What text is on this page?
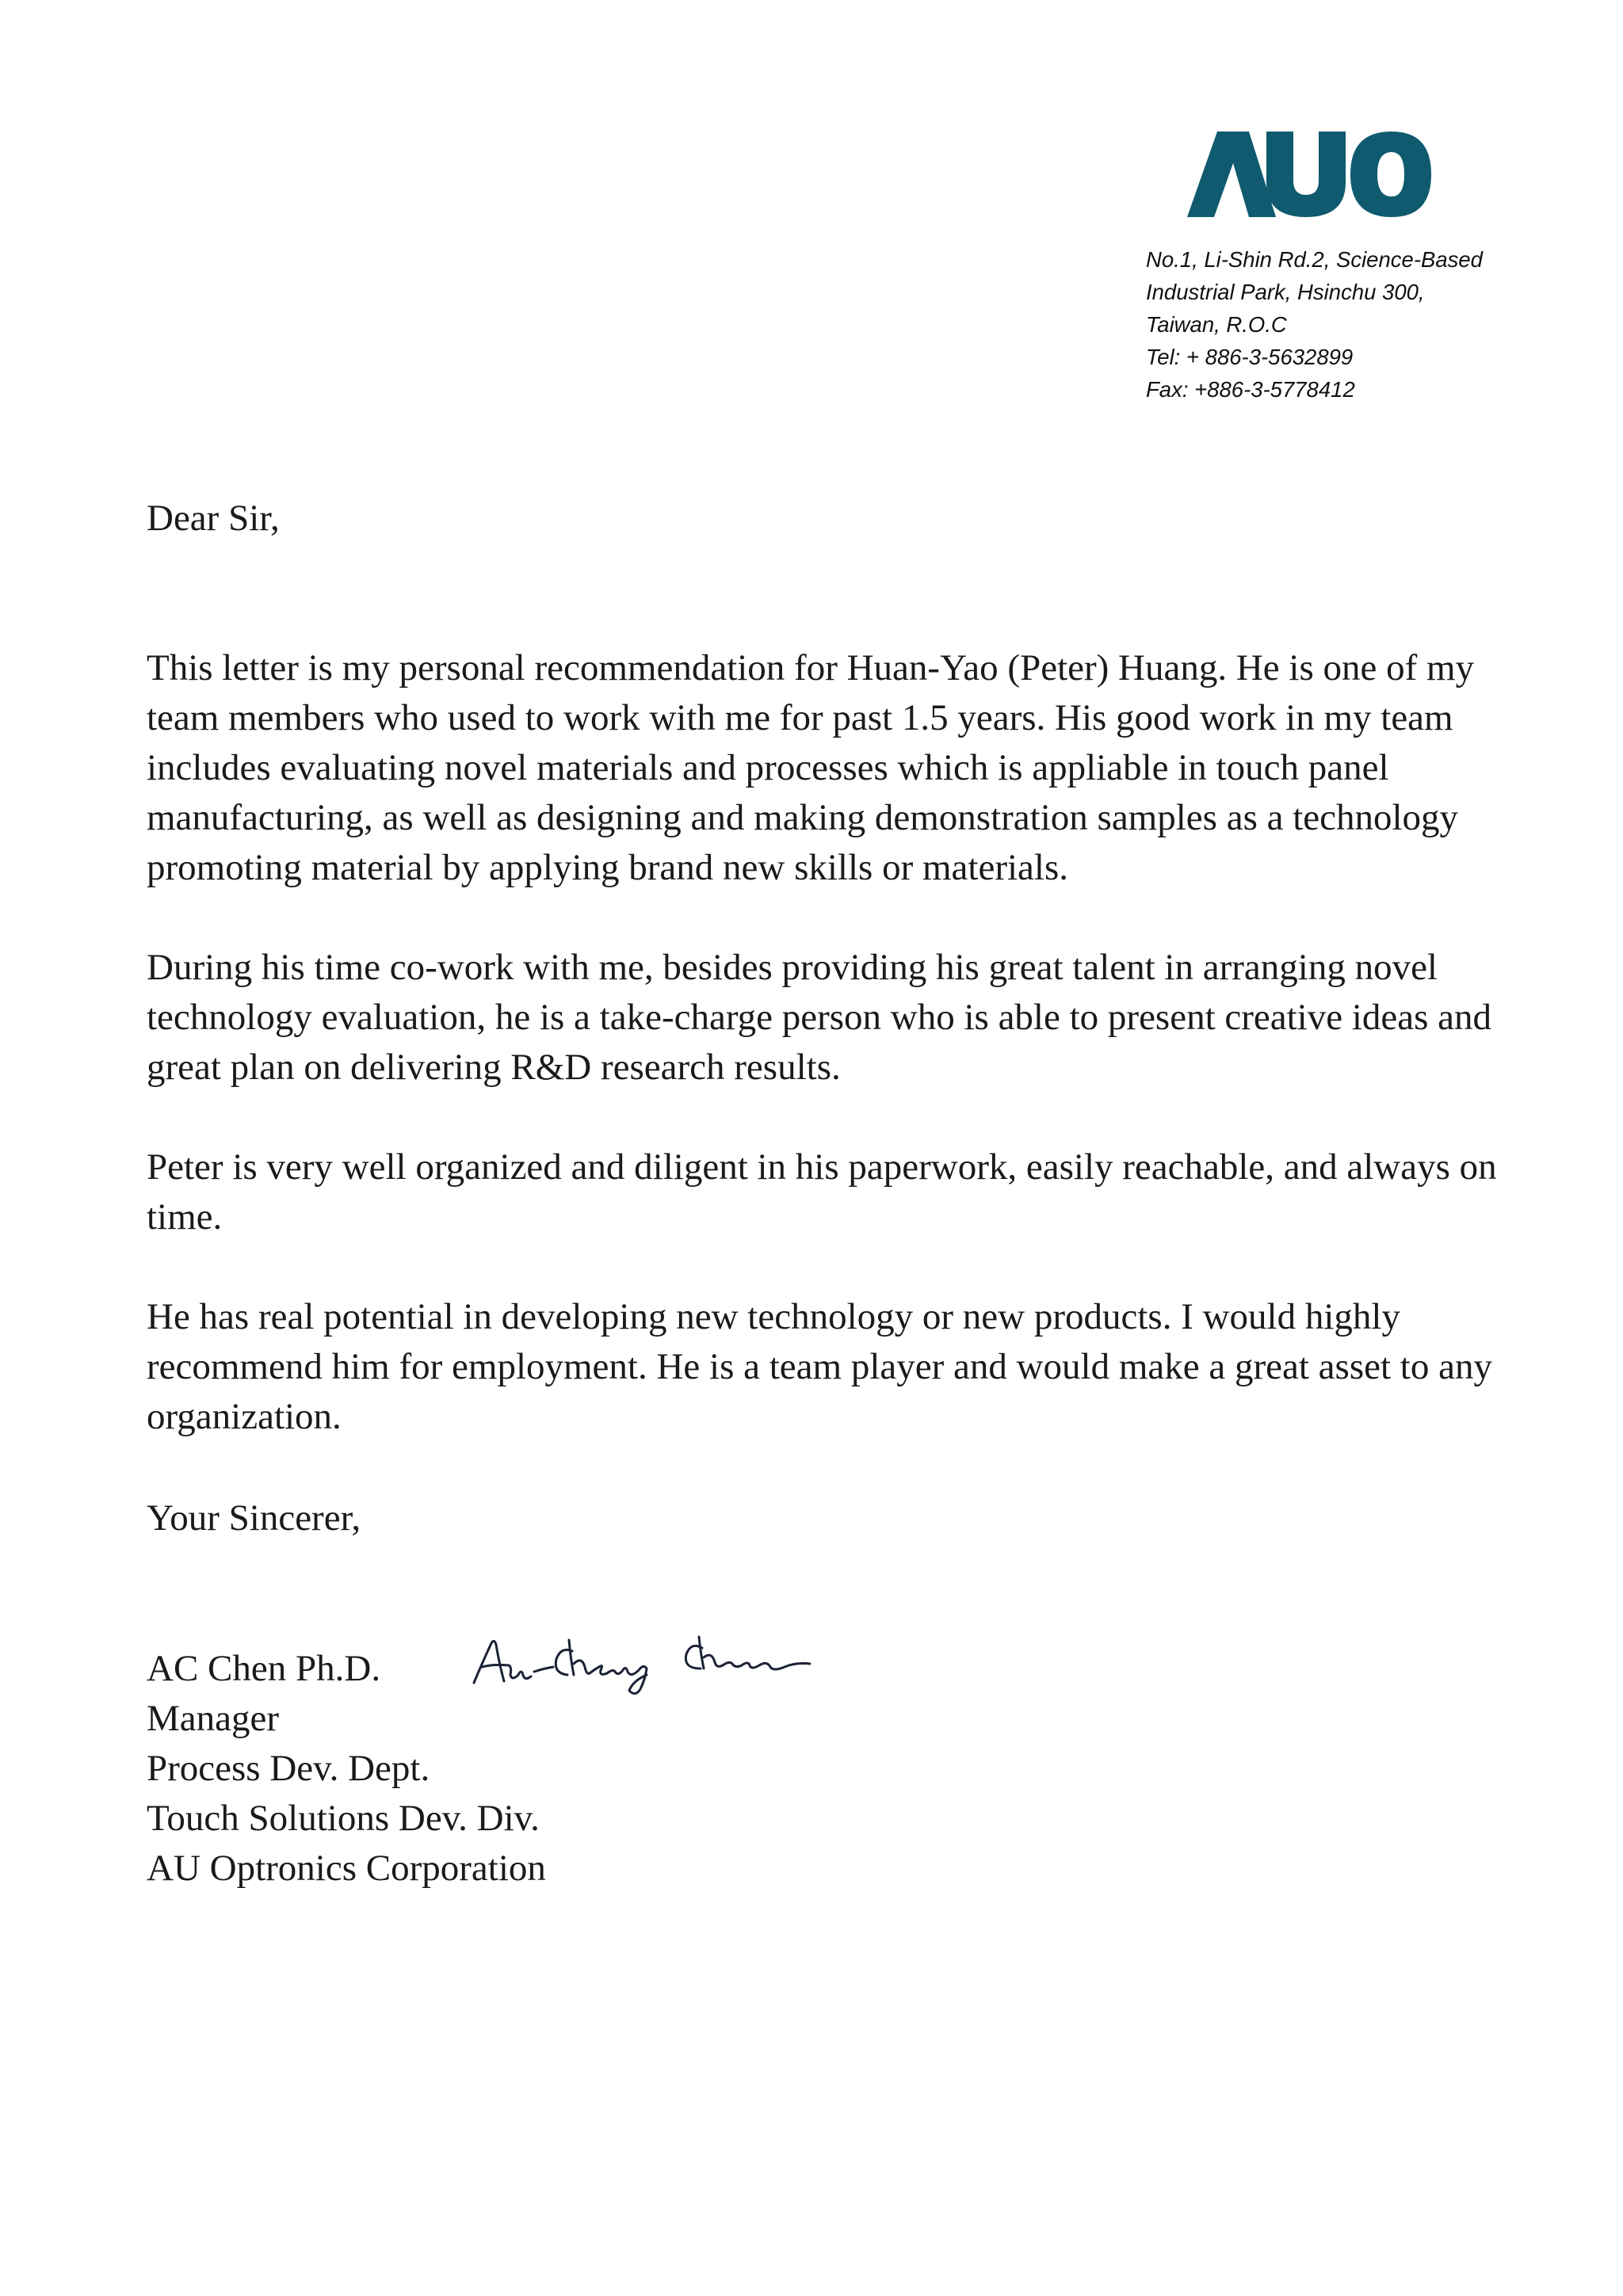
No.1, Li-Shin Rd.2, Science-Based
Industrial Park, Hsinchu 300,
Taiwan, R.O.C
Tel: + 886-3-5632899
Fax: +886-3-5778412
Dear Sir,
This letter is my personal recommendation for Huan-Yao (Peter) Huang. He is one of my
team members who used to work with me for past 1.5 years. His good work in my team
includes evaluating novel materials and processes which is appliable in touch panel
manufacturing, as well as designing and making demonstration samples as a technology
promoting material by applying brand new skills or materials.
During his time co-work with me, besides providing his great talent in arranging novel
technology evaluation, he is a take-charge person who is able to present creative ideas and
great plan on delivering R&D research results.
Peter is very well organized and diligent in his paperwork, easily reachable, and always on
time.
He has real potential in developing new technology or new products. I would highly
recommend him for employment. He is a team player and would make a great asset to any
organization.
Your Sincerer,
AC Chen Ph.D.
Manager
Process Dev. Dept.
Touch Solutions Dev. Div.
AU Optronics Corporation
